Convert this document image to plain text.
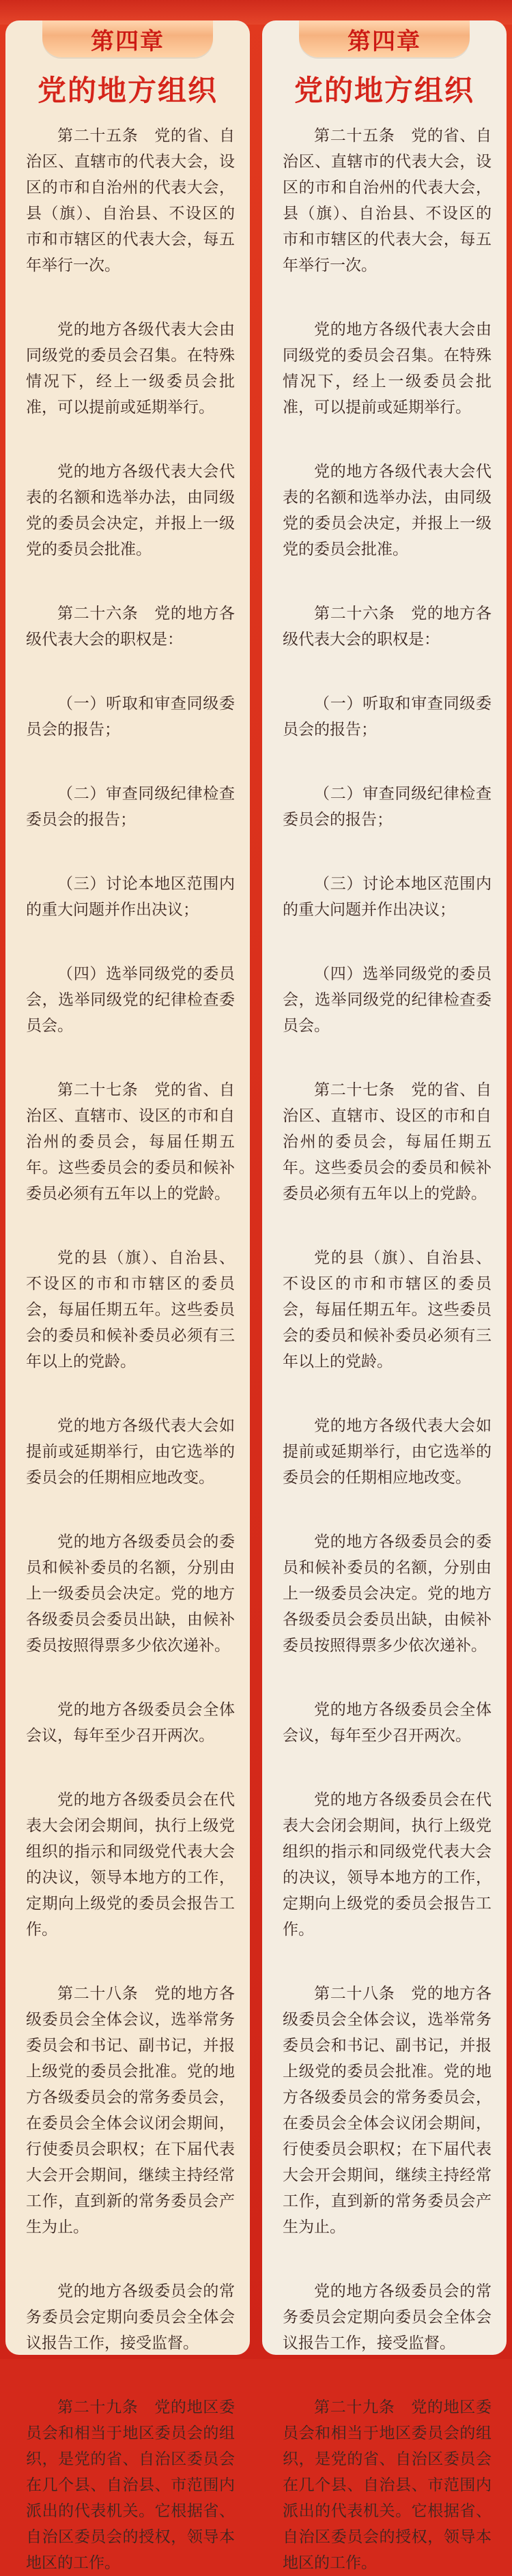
第四章
党的地方组织

第二十五条　党的省、自治区、直辖市的代表大会，设区的市和自治州的代表大会，县（旗）、自治县、不设区的市和市辖区的代表大会，每五年举行一次。

党的地方各级代表大会由同级党的委员会召集。在特殊情况下，经上一级委员会批准，可以提前或延期举行。

党的地方各级代表大会代表的名额和选举办法，由同级党的委员会决定，并报上一级党的委员会批准。

第二十六条　党的地方各级代表大会的职权是：

（一）听取和审查同级委员会的报告；

（二）审查同级纪律检查委员会的报告；

（三）讨论本地区范围内的重大问题并作出决议；

（四）选举同级党的委员会，选举同级党的纪律检查委员会。

第二十七条　党的省、自治区、直辖市、设区的市和自治州的委员会，每届任期五年。这些委员会的委员和候补委员必须有五年以上的党龄。

党的县（旗）、自治县、不设区的市和市辖区的委员会，每届任期五年。这些委员会的委员和候补委员必须有三年以上的党龄。

党的地方各级代表大会如提前或延期举行，由它选举的委员会的任期相应地改变。

党的地方各级委员会的委员和候补委员的名额，分别由上一级委员会决定。党的地方各级委员会委员出缺，由候补委员按照得票多少依次递补。

党的地方各级委员会全体会议，每年至少召开两次。

党的地方各级委员会在代表大会闭会期间，执行上级党组织的指示和同级党代表大会的决议，领导本地方的工作，定期向上级党的委员会报告工作。

第二十八条　党的地方各级委员会全体会议，选举常务委员会和书记、副书记，并报上级党的委员会批准。党的地方各级委员会的常务委员会，在委员会全体会议闭会期间，行使委员会职权；在下届代表大会开会期间，继续主持经常工作，直到新的常务委员会产生为止。

党的地方各级委员会的常务委员会定期向委员会全体会议报告工作，接受监督。

第二十九条　党的地区委员会和相当于地区委员会的组织，是党的省、自治区委员会在几个县、自治县、市范围内派出的代表机关。它根据省、自治区委员会的授权，领导本地区的工作。

第四章
党的地方组织

第二十五条　党的省、自治区、直辖市的代表大会，设区的市和自治州的代表大会，县（旗）、自治县、不设区的市和市辖区的代表大会，每五年举行一次。

党的地方各级代表大会由同级党的委员会召集。在特殊情况下，经上一级委员会批准，可以提前或延期举行。

党的地方各级代表大会代表的名额和选举办法，由同级党的委员会决定，并报上一级党的委员会批准。

第二十六条　党的地方各级代表大会的职权是：

（一）听取和审查同级委员会的报告；

（二）审查同级纪律检查委员会的报告；

（三）讨论本地区范围内的重大问题并作出决议；

（四）选举同级党的委员会，选举同级党的纪律检查委员会。

第二十七条　党的省、自治区、直辖市、设区的市和自治州的委员会，每届任期五年。这些委员会的委员和候补委员必须有五年以上的党龄。

党的县（旗）、自治县、不设区的市和市辖区的委员会，每届任期五年。这些委员会的委员和候补委员必须有三年以上的党龄。

党的地方各级代表大会如提前或延期举行，由它选举的委员会的任期相应地改变。

党的地方各级委员会的委员和候补委员的名额，分别由上一级委员会决定。党的地方各级委员会委员出缺，由候补委员按照得票多少依次递补。

党的地方各级委员会全体会议，每年至少召开两次。

党的地方各级委员会在代表大会闭会期间，执行上级党组织的指示和同级党代表大会的决议，领导本地方的工作，定期向上级党的委员会报告工作。

第二十八条　党的地方各级委员会全体会议，选举常务委员会和书记、副书记，并报上级党的委员会批准。党的地方各级委员会的常务委员会，在委员会全体会议闭会期间，行使委员会职权；在下届代表大会开会期间，继续主持经常工作，直到新的常务委员会产生为止。

党的地方各级委员会的常务委员会定期向委员会全体会议报告工作，接受监督。

第二十九条　党的地区委员会和相当于地区委员会的组织，是党的省、自治区委员会在几个县、自治县、市范围内派出的代表机关。它根据省、自治区委员会的授权，领导本地区的工作。
